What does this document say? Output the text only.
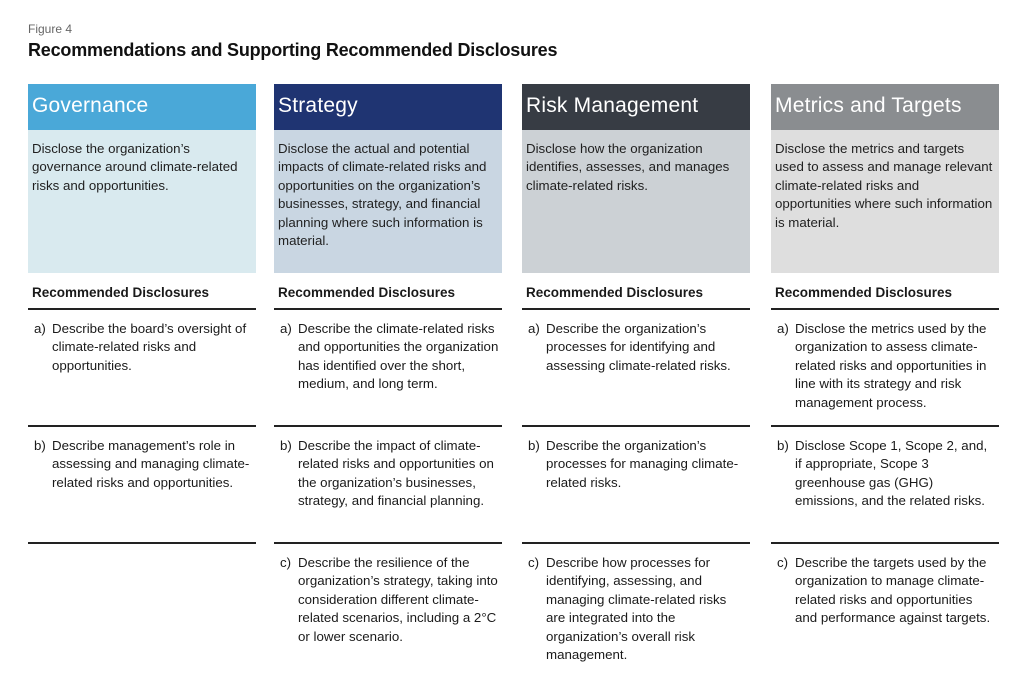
Figure 4
Recommendations and Supporting Recommended Disclosures
Governance
Disclose the organization’s governance around climate-related risks and opportunities.
Recommended Disclosures
a) Describe the board’s oversight of climate-related risks and opportunities.
b) Describe management’s role in assessing and managing climate-related risks and opportunities.
Strategy
Disclose the actual and potential impacts of climate-related risks and opportunities on the organization’s businesses, strategy, and financial planning where such information is material.
Recommended Disclosures
a) Describe the climate-related risks and opportunities the organization has identified over the short, medium, and long term.
b) Describe the impact of climate-related risks and opportunities on the organization’s businesses, strategy, and financial planning.
c) Describe the resilience of the organization’s strategy, taking into consideration different climate-related scenarios, including a 2°C or lower scenario.
Risk Management
Disclose how the organization identifies, assesses, and manages climate-related risks.
Recommended Disclosures
a) Describe the organization’s processes for identifying and assessing climate-related risks.
b) Describe the organization’s processes for managing climate-related risks.
c) Describe how processes for identifying, assessing, and managing climate-related risks are integrated into the organization’s overall risk management.
Metrics and Targets
Disclose the metrics and targets used to assess and manage relevant climate-related risks and opportunities where such information is material.
Recommended Disclosures
a) Disclose the metrics used by the organization to assess climate-related risks and opportunities in line with its strategy and risk management process.
b) Disclose Scope 1, Scope 2, and, if appropriate, Scope 3 greenhouse gas (GHG) emissions, and the related risks.
c) Describe the targets used by the organization to manage climate-related risks and opportunities and performance against targets.
